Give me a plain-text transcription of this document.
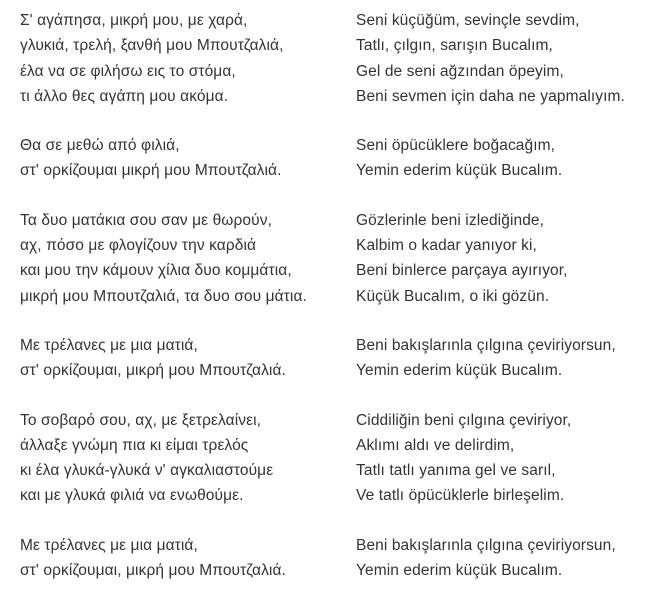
Σ' αγάπησα, μικρή μου, με χαρά,
γλυκιά, τρελή, ξανθή μου Μπουτζαλιά,
έλα να σε φιλήσω εις το στόμα,
τι άλλο θες αγάπη μου ακόμα.
Θα σε μεθώ από φιλιά,
στ' ορκίζουμαι μικρή μου Μπουτζαλιά.
Τα δυο ματάκια σου σαν με θωρούν,
αχ, πόσο με φλογίζουν την καρδιά
και μου την κάμουν χίλια δυο κομμάτια,
μικρή μου Μπουτζαλιά, τα δυο σου μάτια.
Με τρέλανες με μια ματιά,
στ' ορκίζουμαι, μικρή μου Μπουτζαλιά.
Το σοβαρό σου, αχ, με ξετρελαίνει,
άλλαξε γνώμη πια κι είμαι τρελός
κι έλα γλυκά-γλυκά ν' αγκαλιαστούμε
και με γλυκά φιλιά να ενωθούμε.
Με τρέλανες με μια ματιά,
στ' ορκίζουμαι, μικρή μου Μπουτζαλιά.
Seni küçüğüm, sevinçle sevdim,
Tatlı, çılgın, sarışın Bucalım,
Gel de seni ağzından öpeyim,
Beni sevmen için daha ne yapmalıyım.
Seni öpücüklere boğacağım,
Yemin ederim küçük Bucalım.
Gözlerinle beni izlediğinde,
Kalbim o kadar yanıyor ki,
Beni binlerce parçaya ayırıyor,
Küçük Bucalım, o iki gözün.
Beni bakışlarınla çılgına çeviriyorsun,
Yemin ederim küçük Bucalım.
Ciddiliğin beni çılgına çeviriyor,
Aklımı aldı ve delirdim,
Tatlı tatlı yanıma gel ve sarıl,
Ve tatlı öpücüklerle birleşelim.
Beni bakışlarınla çılgına çeviriyorsun,
Yemin ederim küçük Bucalım.
